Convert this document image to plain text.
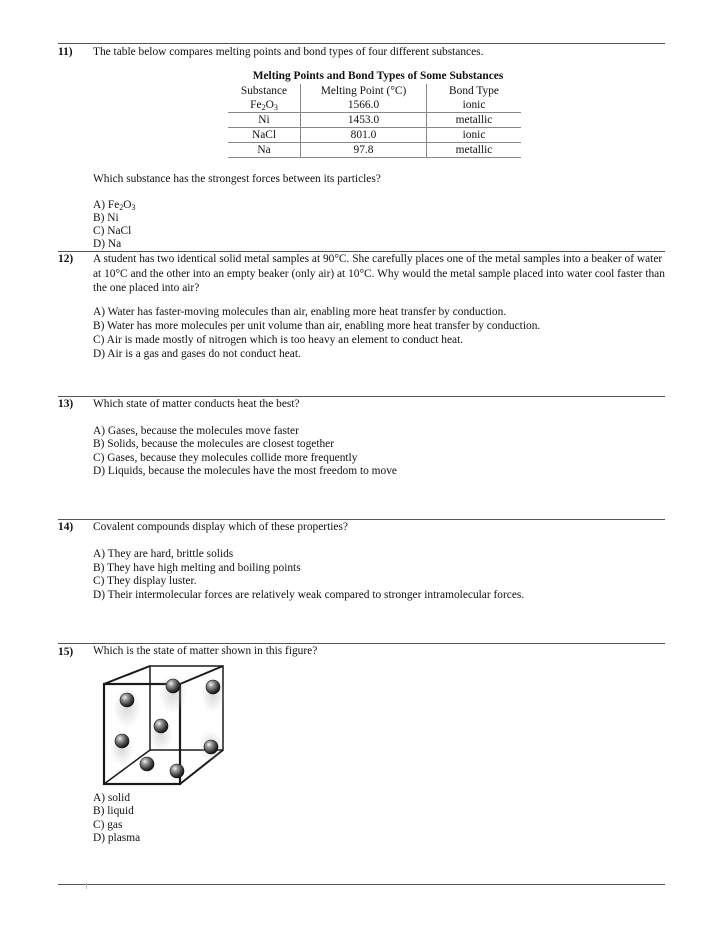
11) The table below compares melting points and bond types of four different substances.
Melting Points and Bond Types of Some Substances
Substance	Melting Point (°C)	Bond Type
$Fe_2O_3$	1566.0	ionic
Ni	1453.0	metallic
NaCl	801.0	ionic
Na	97.8	metallic
Which substance has the strongest forces between its particles?
A) $Fe_2O_3$
B) Ni
C) NaCl
D) Na
12) A student has two identical solid metal samples at 90°C. She carefully places one of the metal samples into a beaker of water at 10°C and the other into an empty beaker (only air) at 10°C. Why would the metal sample placed into water cool faster than the one placed into air?
A) Water has faster-moving molecules than air, enabling more heat transfer by conduction.
B) Water has more molecules per unit volume than air, enabling more heat transfer by conduction.
C) Air is made mostly of nitrogen which is too heavy an element to conduct heat.
D) Air is a gas and gases do not conduct heat.
13) Which state of matter conducts heat the best?
A) Gases, because the molecules move faster
B) Solids, because the molecules are closest together
C) Gases, because they molecules collide more frequently
D) Liquids, because the molecules have the most freedom to move
14) Covalent compounds display which of these properties?
A) They are hard, brittle solids
B) They have high melting and boiling points
C) They display luster.
D) Their intermolecular forces are relatively weak compared to stronger intramolecular forces.
15) Which is the state of matter shown in this figure?
A) solid
B) liquid
C) gas
D) plasma
